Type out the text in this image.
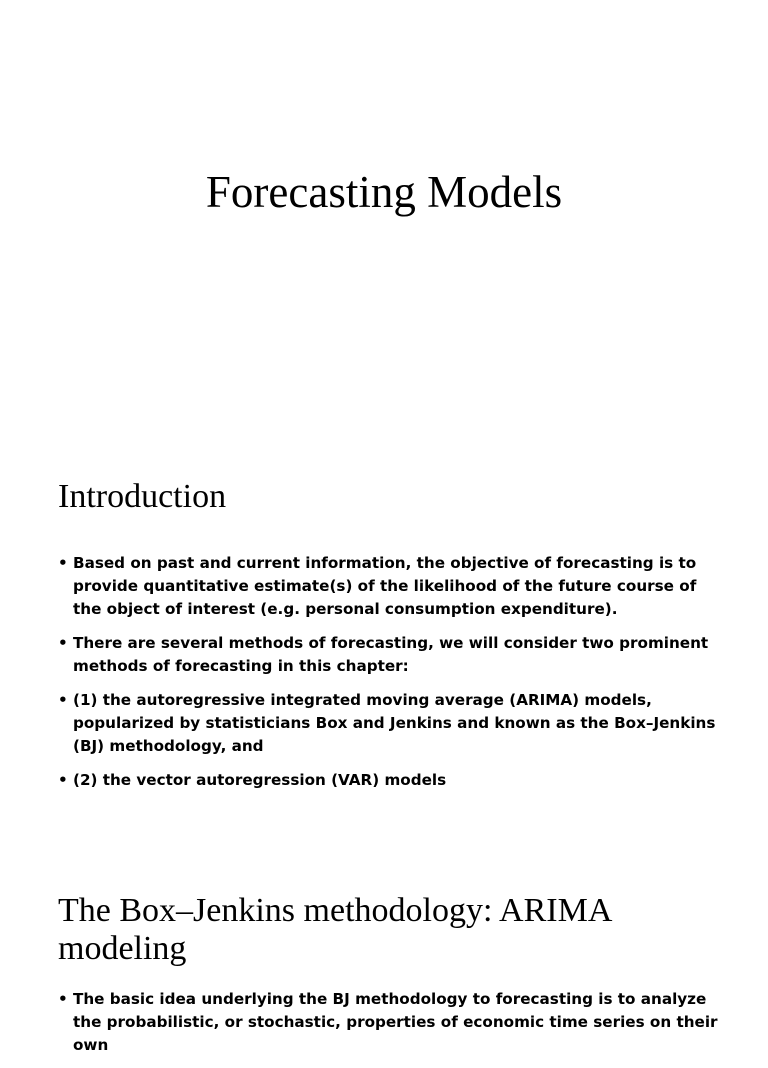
Forecasting Models
Introduction
• Based on past and current information, the objective of forecasting is to provide quantitative estimate(s) of the likelihood of the future course of the object of interest (e.g. personal consumption expenditure).
• There are several methods of forecasting, we will consider two prominent methods of forecasting in this chapter:
• (1) the autoregressive integrated moving average (ARIMA) models, popularized by statisticians Box and Jenkins and known as the Box–Jenkins (BJ) methodology, and
• (2) the vector autoregression (VAR) models
The Box–Jenkins methodology: ARIMA modeling
• The basic idea underlying the BJ methodology to forecasting is to analyze the probabilistic, or stochastic, properties of economic time series on their own
